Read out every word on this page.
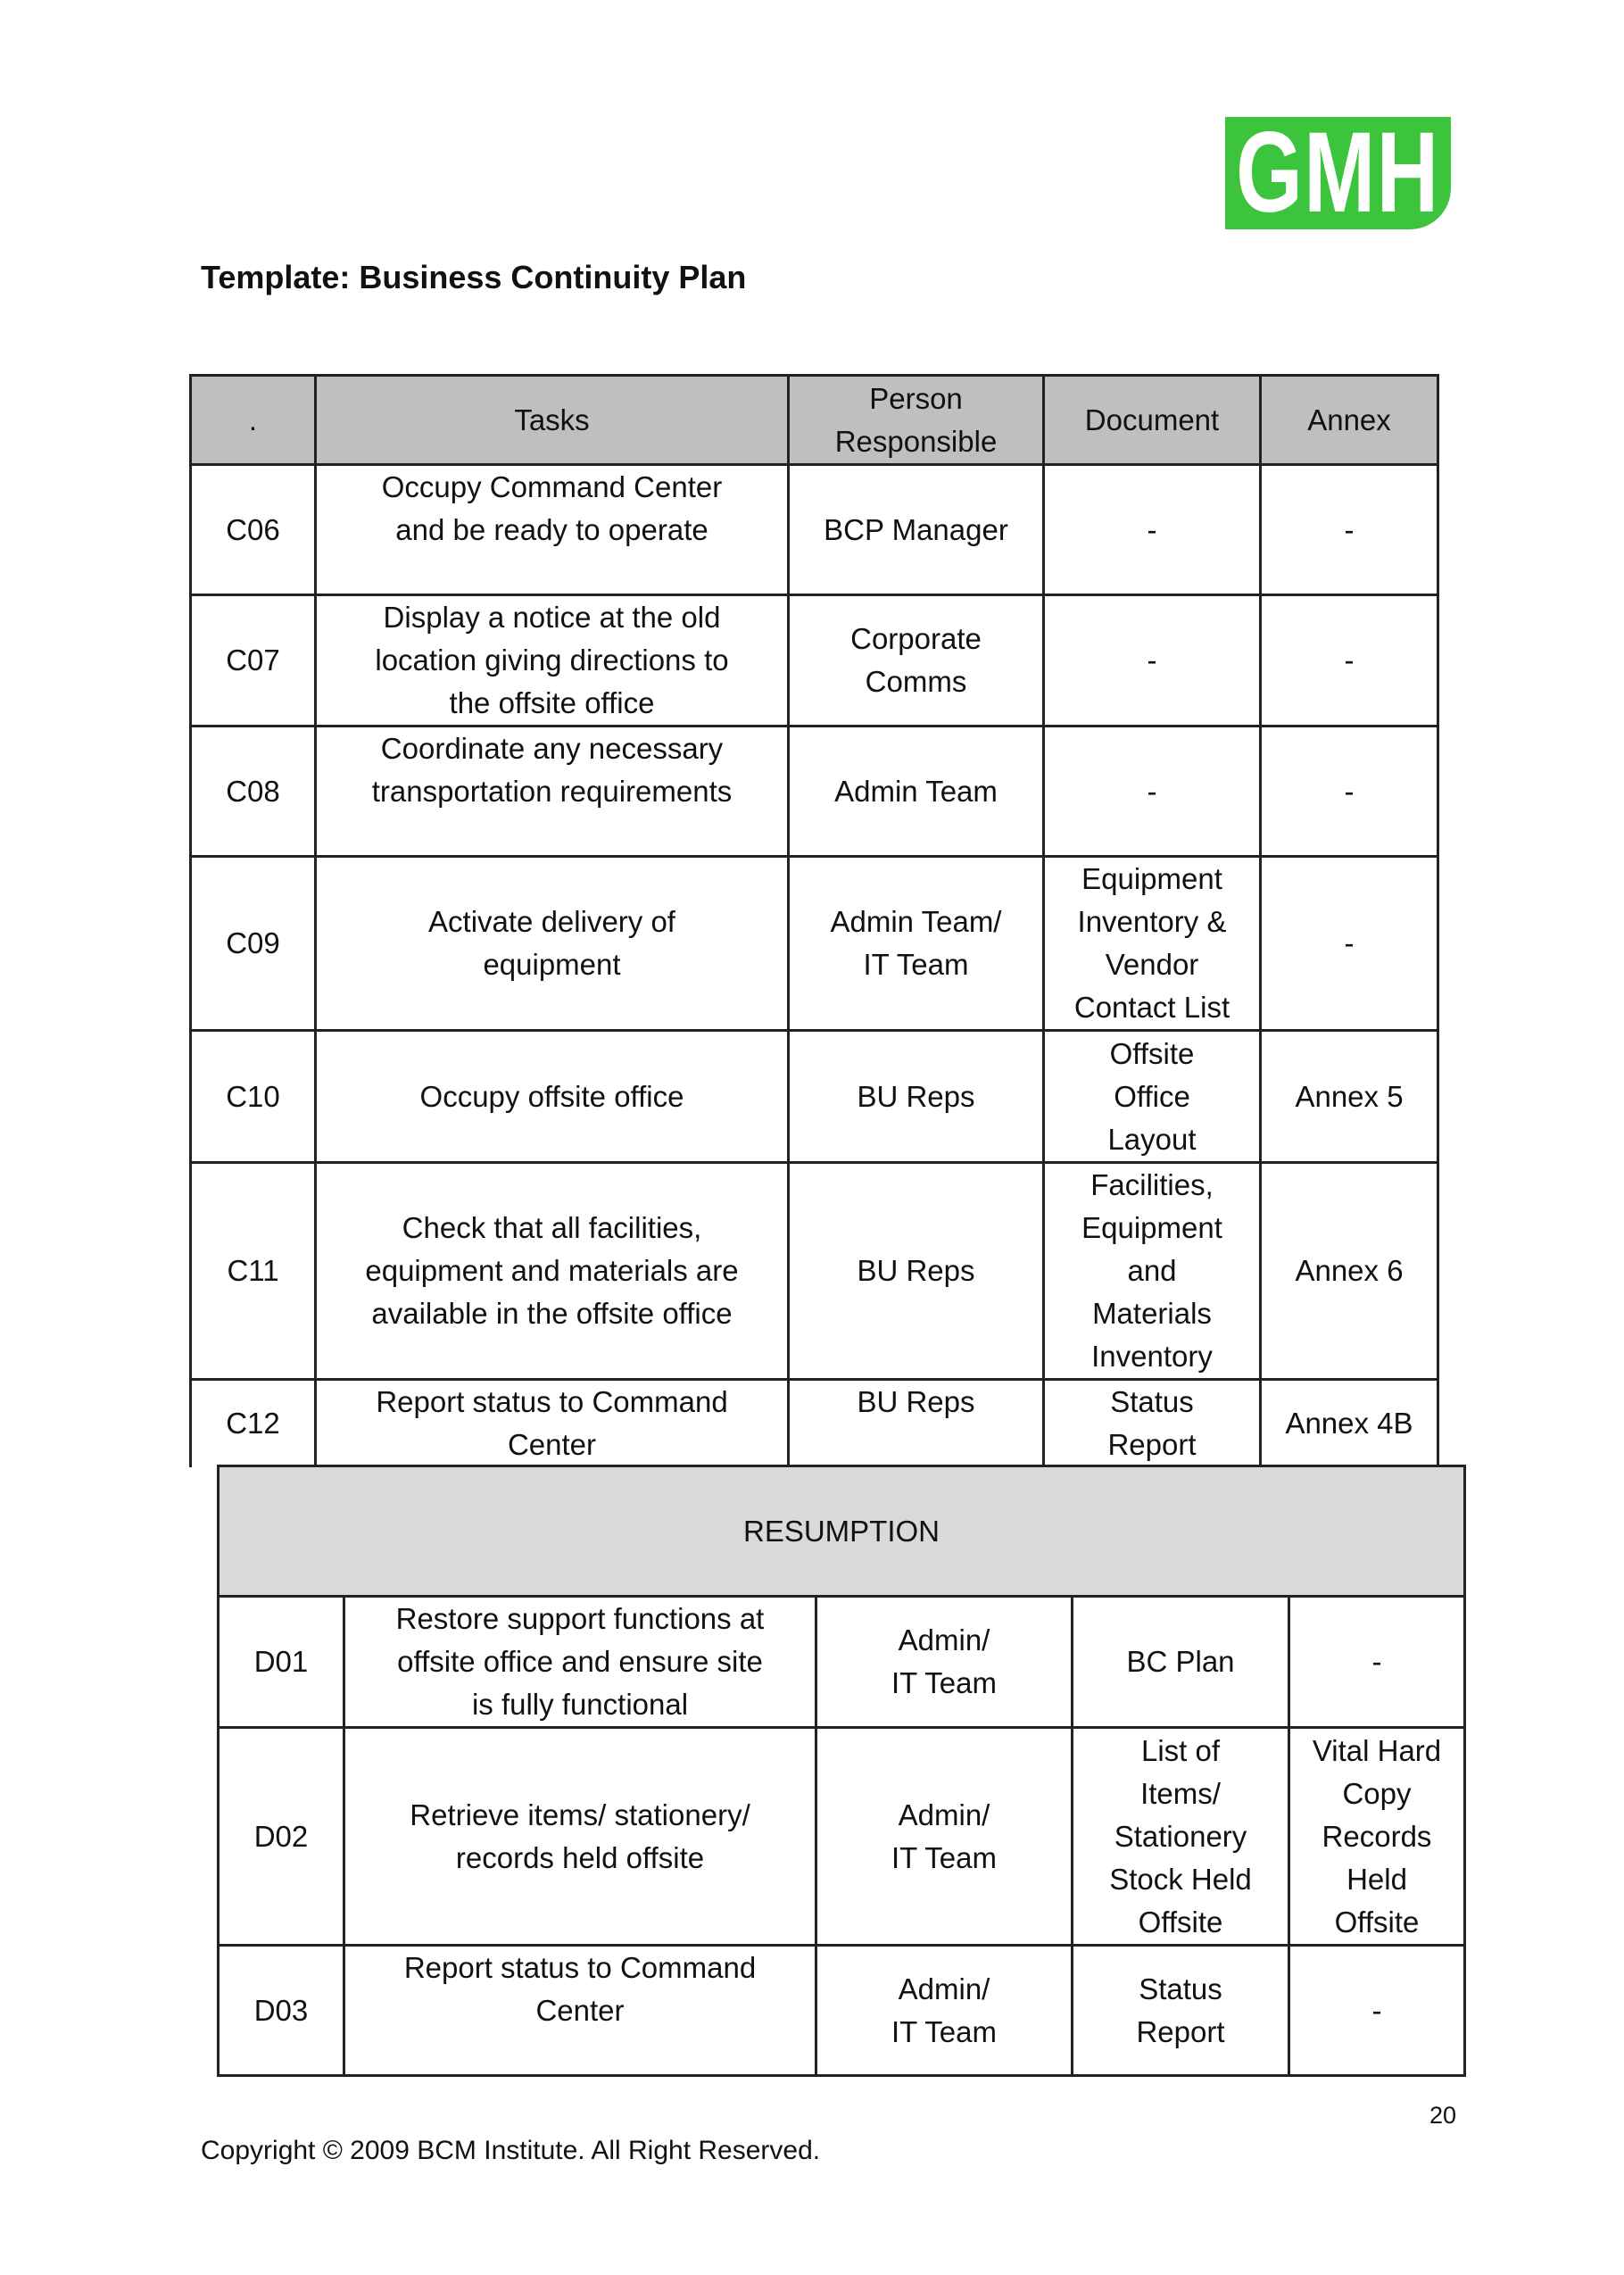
GMH
Template: Business Continuity Plan
.	Tasks	Person
Responsible	Document	Annex
C06	Occupy Command Center
and be ready to operate	BCP Manager	-	-
C07	Display a notice at the old
location giving directions to
the offsite office	Corporate
Comms	-	-
C08	Coordinate any necessary
transportation requirements	Admin Team	-	-
C09	Activate delivery of
equipment	Admin Team/
IT Team	Equipment
Inventory &
Vendor
Contact List	-
C10	Occupy offsite office	BU Reps	Offsite
Office
Layout	Annex 5
C11	Check that all facilities,
equipment and materials are
available in the offsite office	BU Reps	Facilities,
Equipment
and
Materials
Inventory	Annex 6
C12	Report status to Command
Center	BU Reps	Status
Report	Annex 4B
RESUMPTION				
D01	Restore support functions at
offsite office and ensure site
is fully functional	Admin/
IT Team	BC Plan	-
D02	Retrieve items/ stationery/
records held offsite	Admin/
IT Team	List of
Items/
Stationery
Stock Held
Offsite	Vital Hard
Copy
Records
Held
Offsite
D03	Report status to Command
Center	Admin/
IT Team	Status
Report	-
20
Copyright © 2009 BCM Institute. All Right Reserved.
